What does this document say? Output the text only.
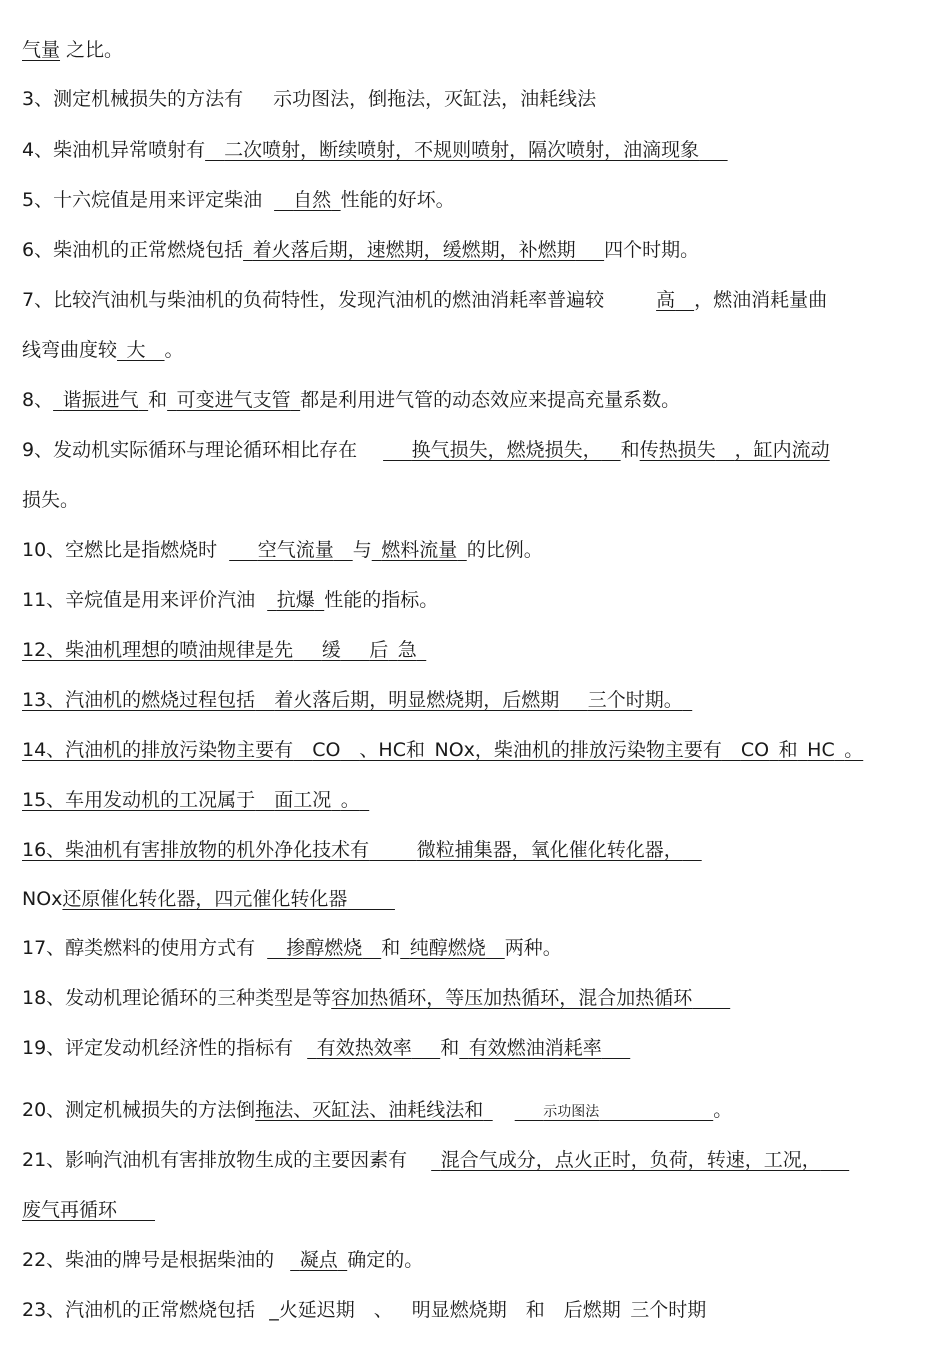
气量 之比。
3、测定机械损失的方法有 示功图法，倒拖法，灭缸法，油耗线法
4、柴油机异常喷射有  二次喷射，断续喷射，不规则喷射，隔次喷射，油滴现象  
5、十六烷值是用来评定柴油  自然  性能的好坏。
6、柴油机的正常燃烧包括  着火落后期，速燃期，缓燃期，补燃期   四个时期。
7、比较汽油机与柴油机的负荷特性，发现汽油机的燃油消耗率普遍较	高  ，燃油消耗量曲
线弯曲度较  大  。
8、  谐振进气  和  可变进气支管  都是利用进气管的动态效应来提高充量系数。
9、发动机实际循环与理论循环相比存在  	换气损失，燃烧损失，  和传热损失  ，缸内流动
损失。
10、空燃比是指燃烧时   空气流量  与  燃料流量  的比例。
11、辛烷值是用来评价汽油  抗爆  性能的指标。
12、柴油机理想的喷油规律是先   缓   后  急 
13、汽油机的燃烧过程包括  着火落后期，明显燃烧期，后燃期   三个时期。 
14、汽油机的排放污染物主要有  CO  、HC和  NOx，柴油机的排放污染物主要有  CO  和  HC  。
15、车用发动机的工况属于  面工况  。 
16、柴油机有害排放物的机外净化技术有   	微粒捕集器，氧化催化转化器， 
NOx还原催化转化器，四元催化转化器   
17、醇类燃料的使用方式有  掺醇燃烧  和  纯醇燃烧  两种。
18、发动机理论循环的三种类型是等容加热循环，等压加热循环，混合加热循环  
19、评定发动机经济性的指标有  有效热效率   和  有效燃油消耗率  
20、测定机械损失的方法倒拖法、灭缸法、油耗线法和   	示功图法      	。
21、影响汽油机有害排放物生成的主要因素有  混合气成分，点火正时，负荷，转速，工况，  
废气再循环  
22、柴油的牌号是根据柴油的  凝点  确定的。
23、汽油机的正常燃烧包括 _火延迟期   、   明显燃烧期   和   后燃期  三个时期
